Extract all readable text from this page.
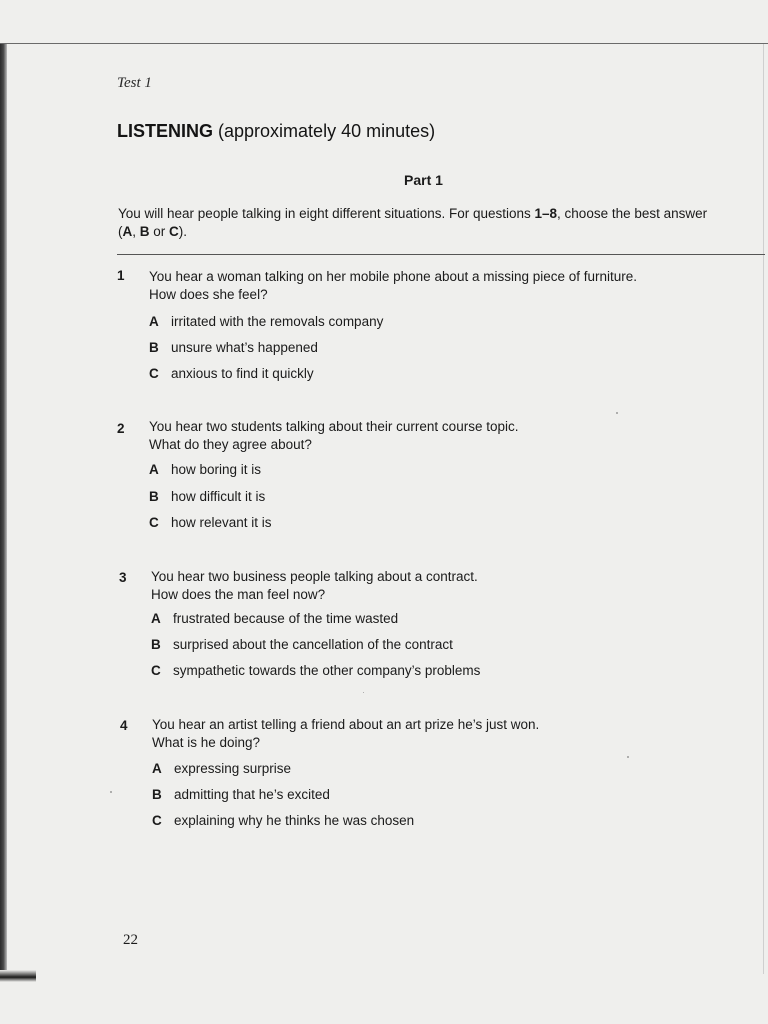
Test 1
LISTENING (approximately 40 minutes)
Part 1
You will hear people talking in eight different situations. For questions 1–8, choose the best answer
(A, B or C).
1 You hear a woman talking on her mobile phone about a missing piece of furniture.
How does she feel?
A irritated with the removals company
B unsure what’s happened
C anxious to find it quickly
2 You hear two students talking about their current course topic.
What do they agree about?
A how boring it is
B how difficult it is
C how relevant it is
3 You hear two business people talking about a contract.
How does the man feel now?
A frustrated because of the time wasted
B surprised about the cancellation of the contract
C sympathetic towards the other company’s problems
4 You hear an artist telling a friend about an art prize he’s just won.
What is he doing?
A expressing surprise
B admitting that he’s excited
C explaining why he thinks he was chosen
22
